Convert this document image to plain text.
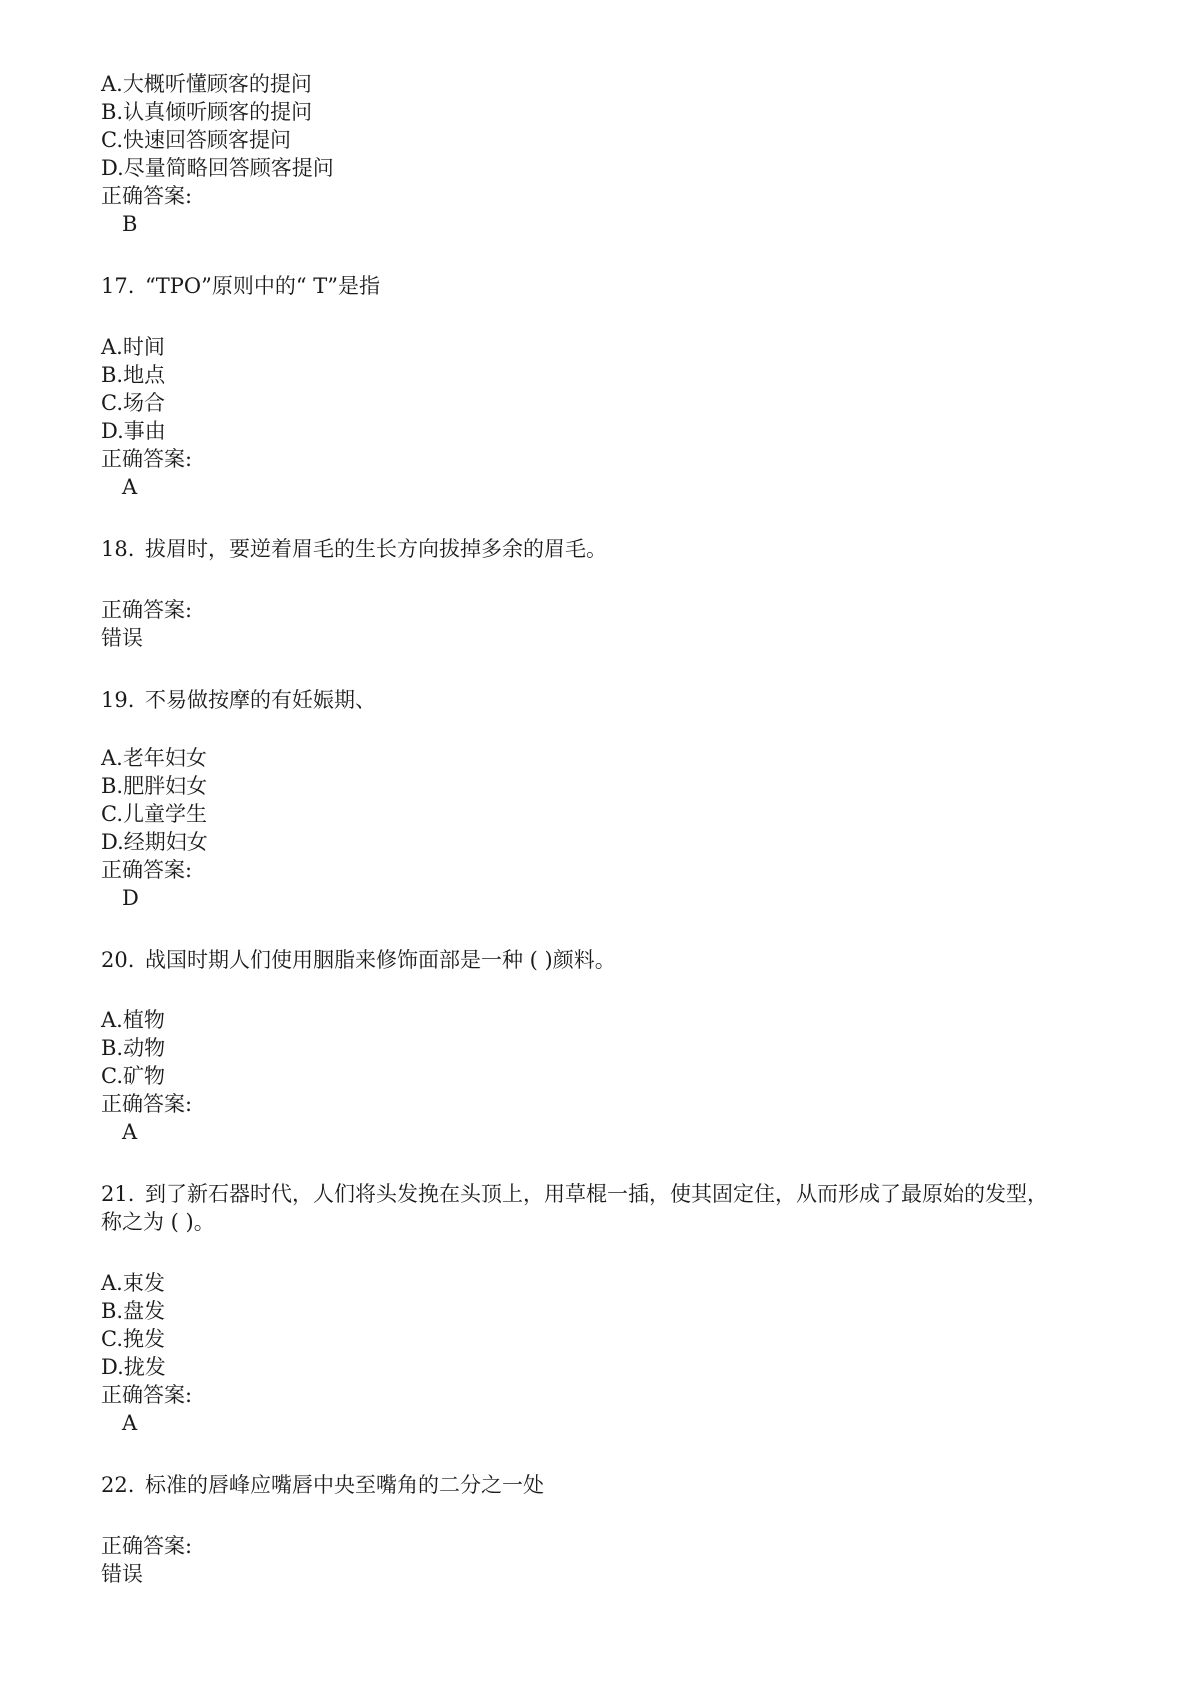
A.大概听懂顾客的提问
B.认真倾听顾客的提问
C.快速回答顾客提问
D.尽量简略回答顾客提问
正确答案:
B
17. “TPO”原则中的“ T”是指
A.时间
B.地点
C.场合
D.事由
正确答案:
A
18. 拔眉时，要逆着眉毛的生长方向拔掉多余的眉毛。
正确答案:
错误
19. 不易做按摩的有妊娠期、
A.老年妇女
B.肥胖妇女
C.儿童学生
D.经期妇女
正确答案:
D
20. 战国时期人们使用胭脂来修饰面部是一种 ( )颜料。
A.植物
B.动物
C.矿物
正确答案:
A
21. 到了新石器时代，人们将头发挽在头顶上，用草棍一插，使其固定住，从而形成了最原始的发型，
称之为 ( )。
A.束发
B.盘发
C.挽发
D.拢发
正确答案:
A
22. 标准的唇峰应嘴唇中央至嘴角的二分之一处
正确答案:
错误
